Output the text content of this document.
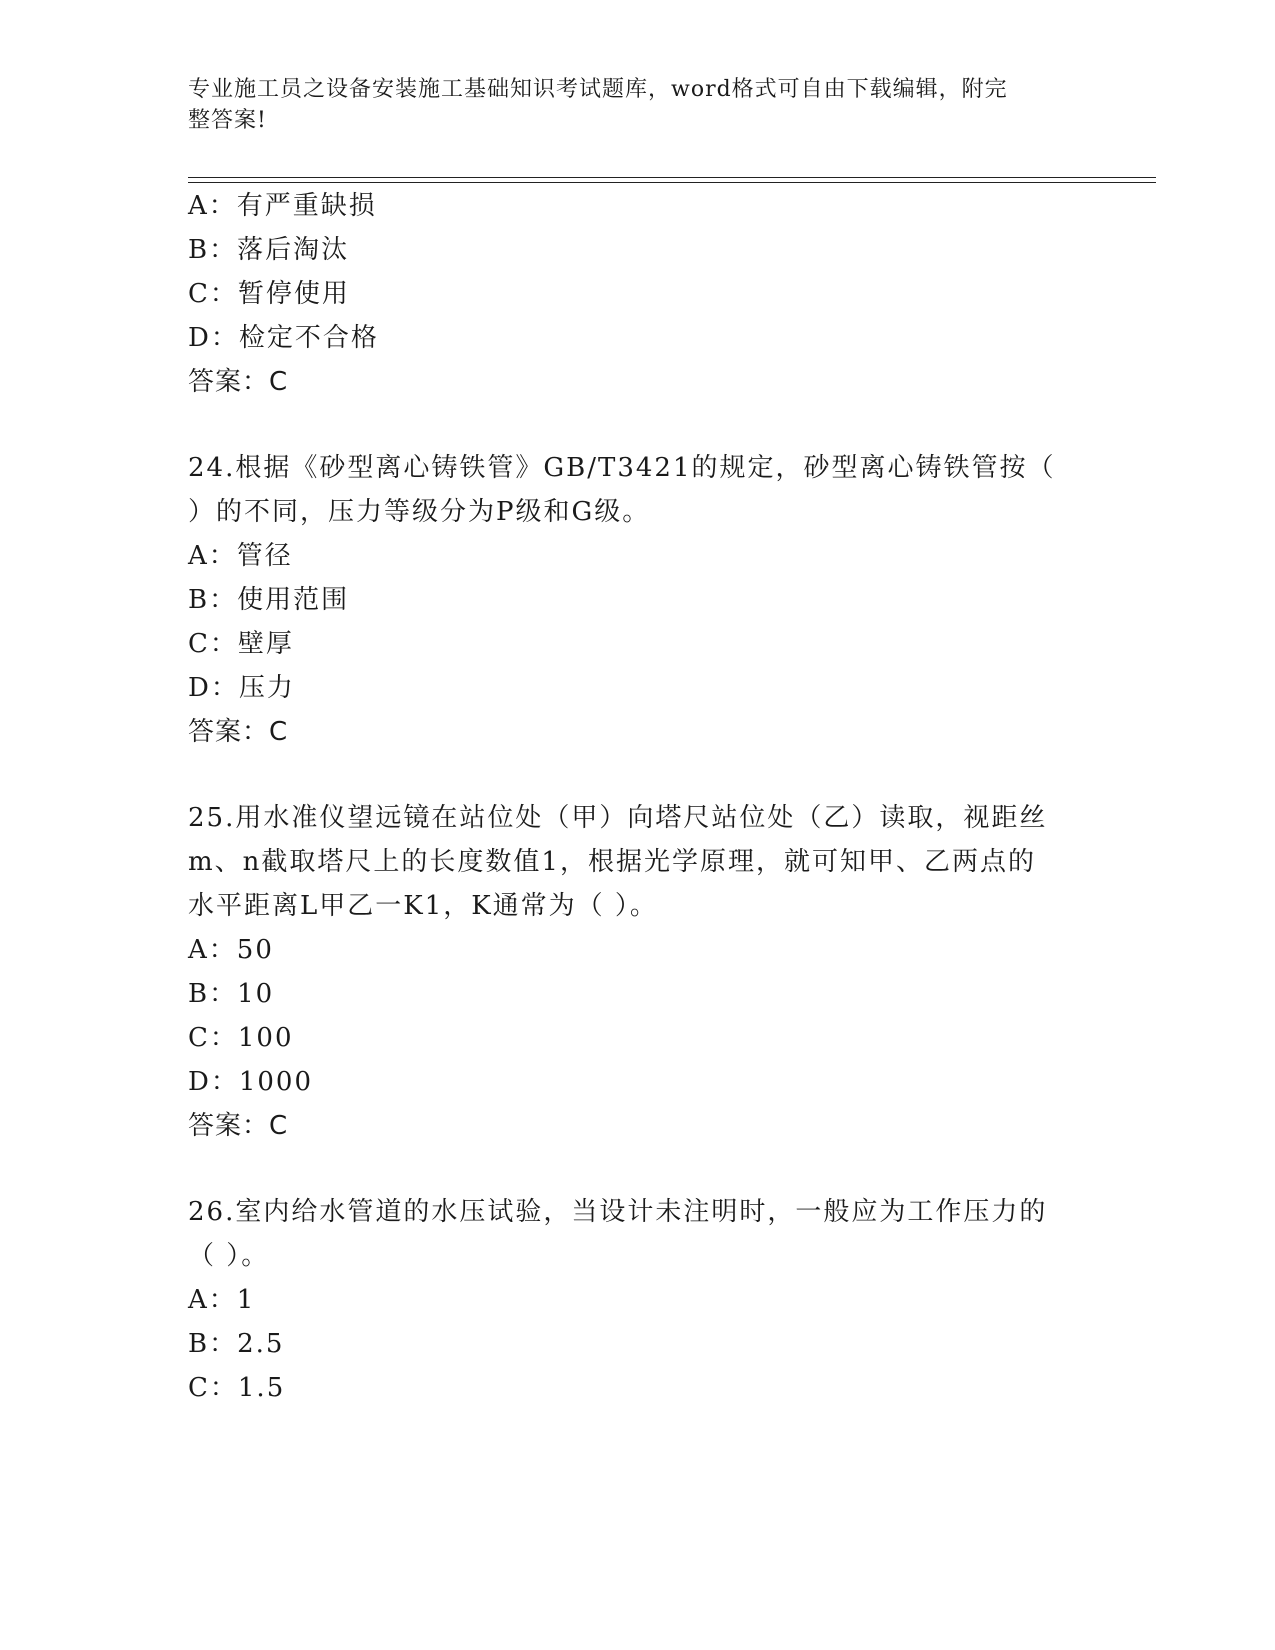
专业施工员之设备安装施工基础知识考试题库，word格式可自由下载编辑，附完
整答案!
A：有严重缺损
B：落后淘汰
C：暂停使用
D：检定不合格
答案：C
24.根据《砂型离心铸铁管》GB/T3421的规定，砂型离心铸铁管按（
）的不同，压力等级分为P级和G级。
A：管径
B：使用范围
C：壁厚
D：压力
答案：C
25.用水准仪望远镜在站位处（甲）向塔尺站位处（乙）读取，视距丝
m、n截取塔尺上的长度数值1，根据光学原理，就可知甲、乙两点的
水平距离L甲乙一K1，K通常为（ ）。
A：50
B：10
C：100
D：1000
答案：C
26.室内给水管道的水压试验，当设计未注明时，一般应为工作压力的
（ ）。
A：1
B：2.5
C：1.5
